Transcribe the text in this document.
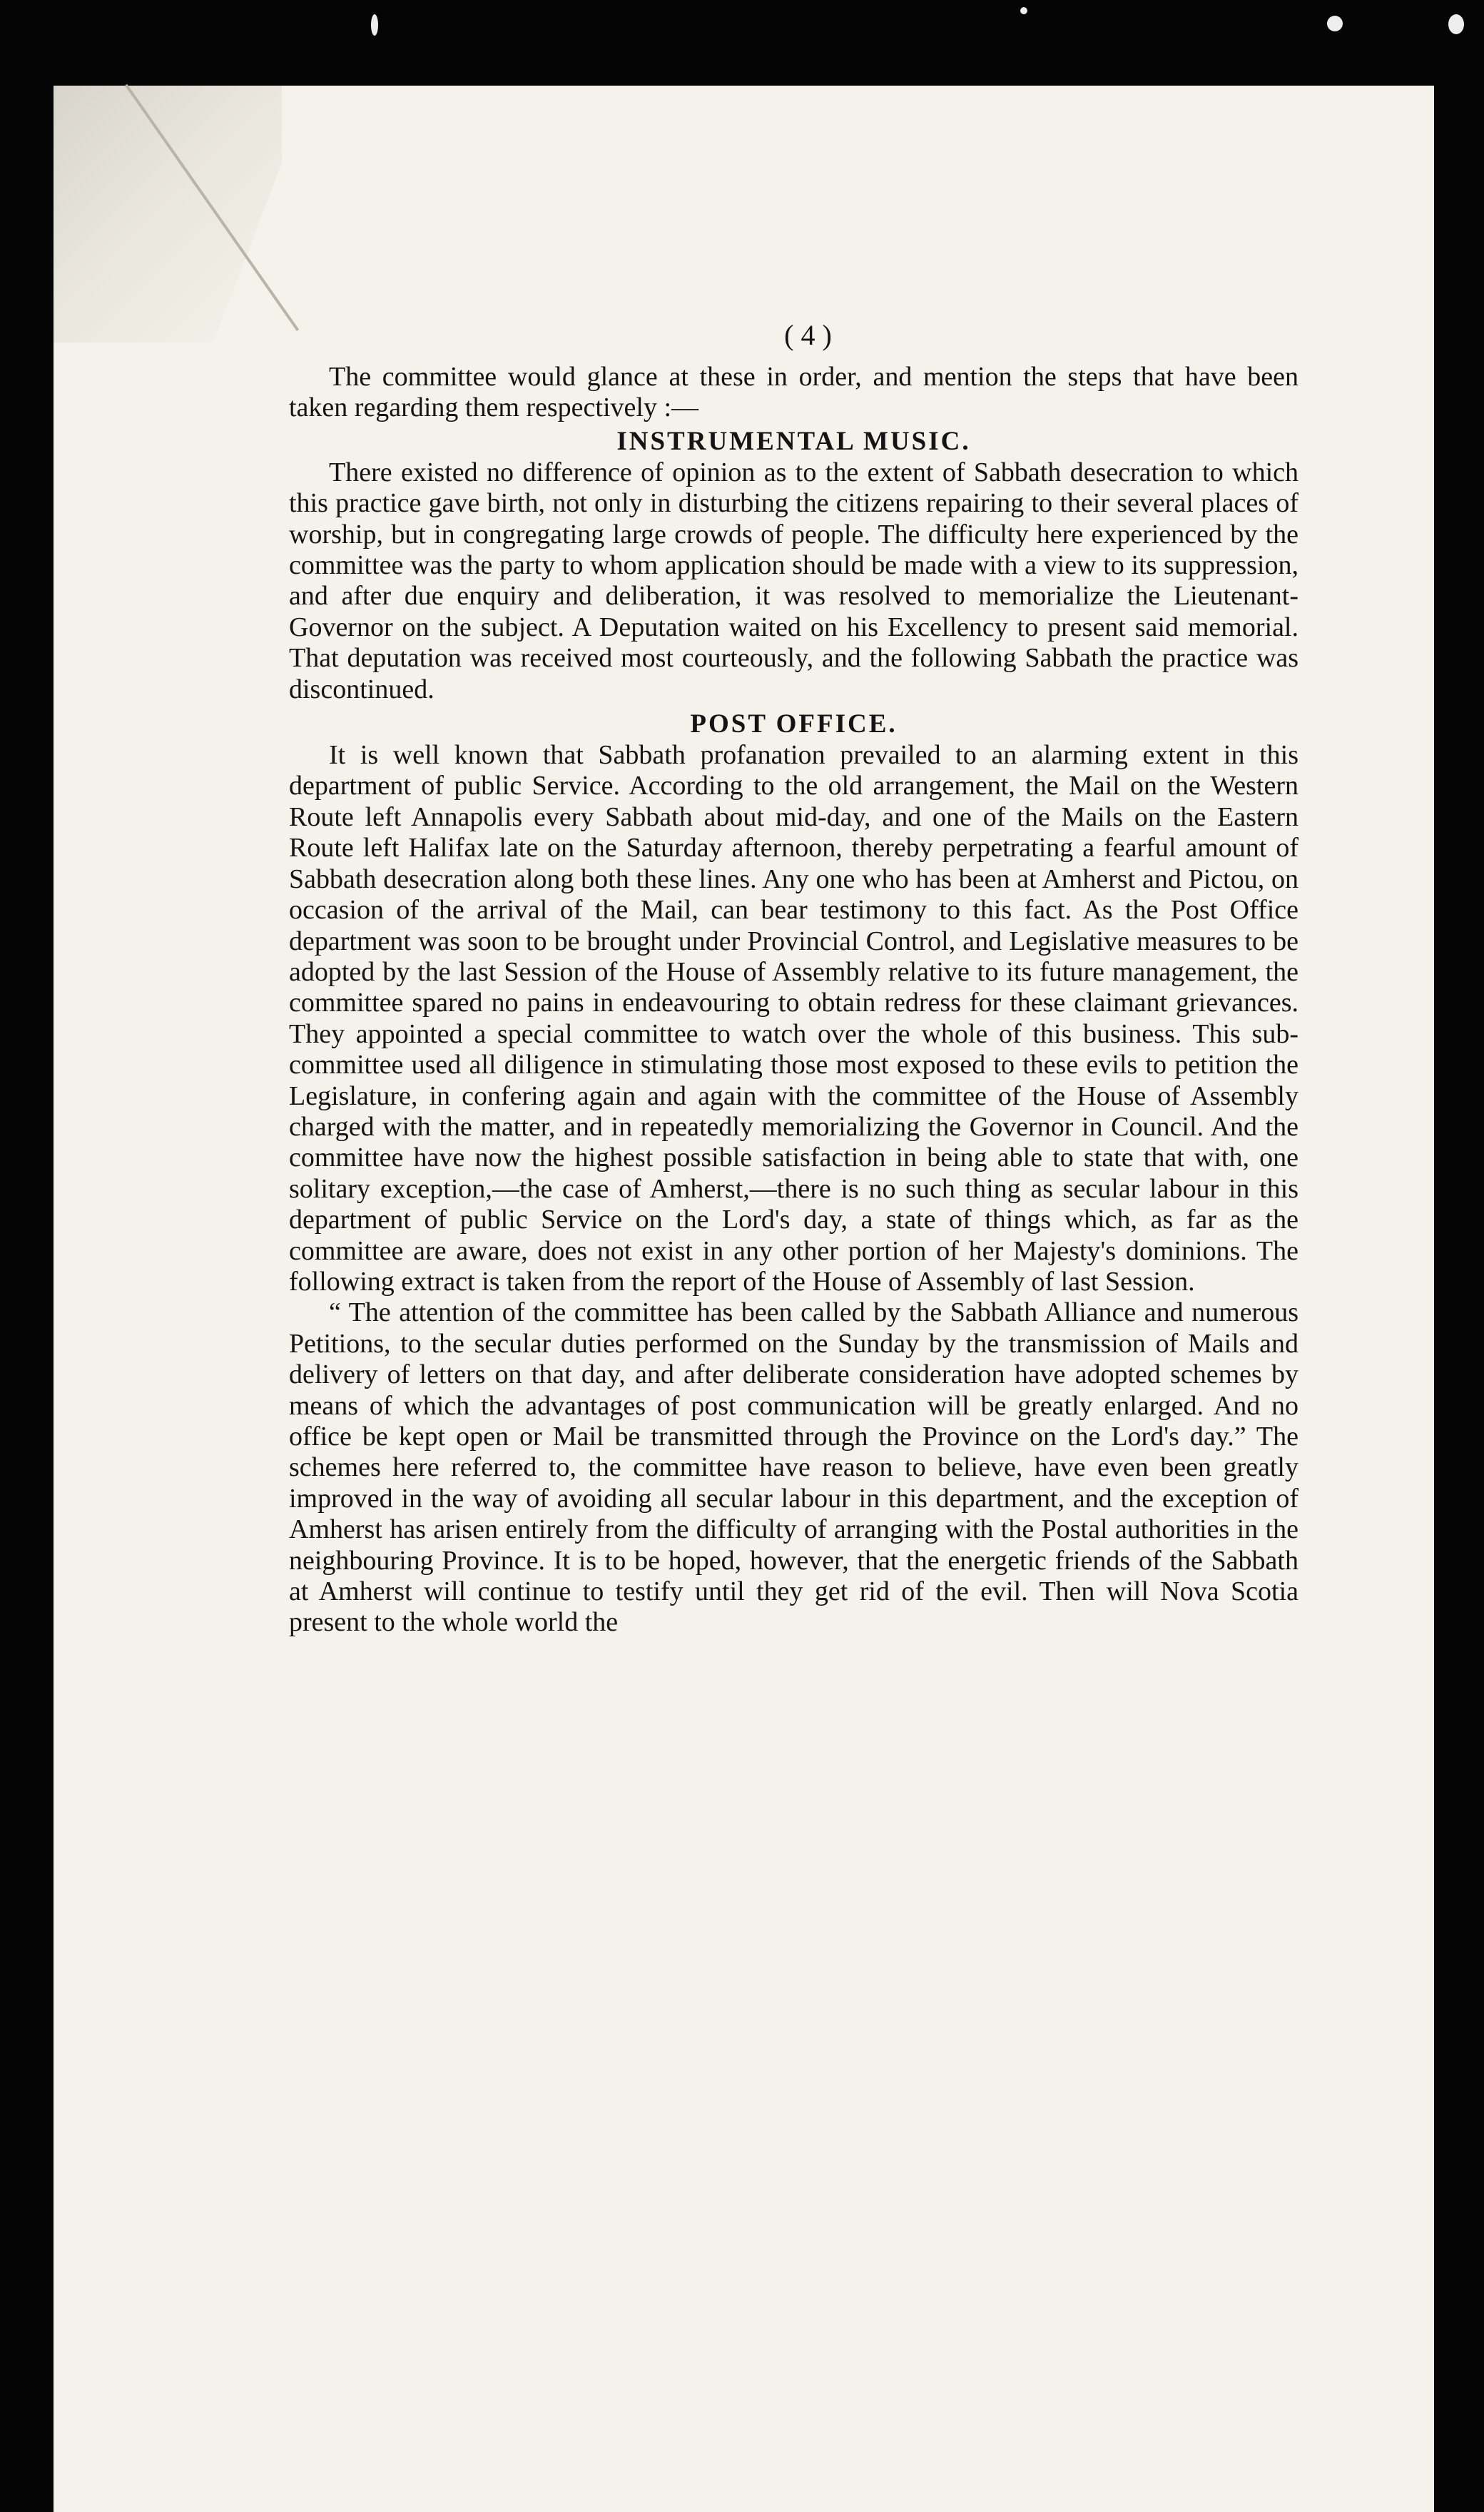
( 4 )

The committee would glance at these in order, and mention the steps that have been taken regarding them respectively :—

INSTRUMENTAL MUSIC.

There existed no difference of opinion as to the extent of Sabbath desecration to which this practice gave birth, not only in disturbing the citizens repairing to their several places of worship, but in congregating large crowds of people. The difficulty here experienced by the committee was the party to whom application should be made with a view to its suppression, and after due enquiry and deliberation, it was resolved to memorialize the Lieutenant-Governor on the subject. A Deputation waited on his Excellency to present said memorial. That deputation was received most courteously, and the following Sabbath the practice was discontinued.

POST OFFICE.

It is well known that Sabbath profanation prevailed to an alarming extent in this department of public Service. According to the old arrangement, the Mail on the Western Route left Annapolis every Sabbath about mid-day, and one of the Mails on the Eastern Route left Halifax late on the Saturday afternoon, thereby perpetrating a fearful amount of Sabbath desecration along both these lines. Any one who has been at Amherst and Pictou, on occasion of the arrival of the Mail, can bear testimony to this fact. As the Post Office department was soon to be brought under Provincial Control, and Legislative measures to be adopted by the last Session of the House of Assembly relative to its future management, the committee spared no pains in endeavouring to obtain redress for these claimant grievances. They appointed a special committee to watch over the whole of this business. This sub-committee used all diligence in stimulating those most exposed to these evils to petition the Legislature, in confering again and again with the committee of the House of Assembly charged with the matter, and in repeatedly memorializing the Governor in Council. And the committee have now the highest possible satisfaction in being able to state that with, one solitary exception,—the case of Amherst,—there is no such thing as secular labour in this department of public Service on the Lord's day, a state of things which, as far as the committee are aware, does not exist in any other portion of her Majesty's dominions. The following extract is taken from the report of the House of Assembly of last Session.

“ The attention of the committee has been called by the Sabbath Alliance and numerous Petitions, to the secular duties performed on the Sunday by the transmission of Mails and delivery of letters on that day, and after deliberate consideration have adopted schemes by means of which the advantages of post communication will be greatly enlarged. And no office be kept open or Mail be transmitted through the Province on the Lord's day.” The schemes here referred to, the committee have reason to believe, have even been greatly improved in the way of avoiding all secular labour in this department, and the exception of Amherst has arisen entirely from the difficulty of arranging with the Postal authorities in the neighbouring Province. It is to be hoped, however, that the energetic friends of the Sabbath at Amherst will continue to testify until they get rid of the evil. Then will Nova Scotia present to the whole world the
